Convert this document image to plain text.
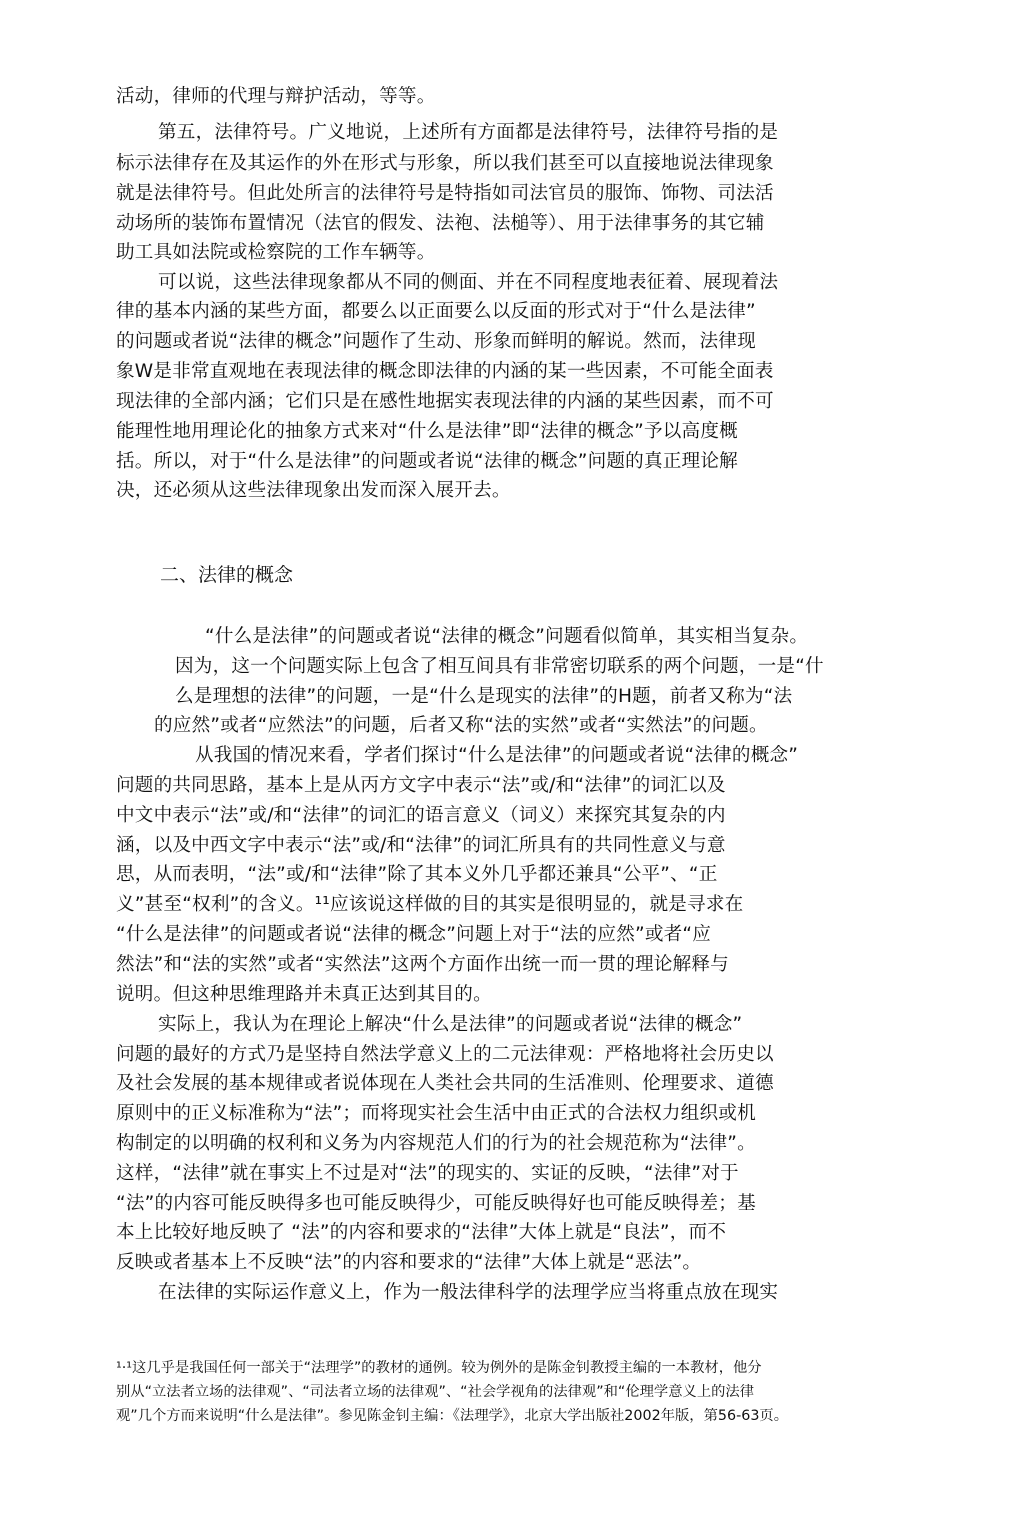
活动，律师的代理与辩护活动，等等。
第五，法律符号。广义地说，上述所有方面都是法律符号，法律符号指的是
标示法律存在及其运作的外在形式与形象，所以我们甚至可以直接地说法律现象
就是法律符号。但此处所言的法律符号是特指如司法官员的服饰、饰物、司法活
动场所的装饰布置情况（法官的假发、法袍、法槌等）、用于法律事务的其它辅
助工具如法院或检察院的工作车辆等。
可以说，这些法律现象都从不同的侧面、并在不同程度地表征着、展现着法
律的基本内涵的某些方面，都要么以正面要么以反面的形式对于“什么是法律”
的问题或者说“法律的概念”问题作了生动、形象而鲜明的解说。然而，法律现
象W是非常直观地在表现法律的概念即法律的内涵的某一些因素，不可能全面表
现法律的全部内涵；它们只是在感性地据实表现法律的内涵的某些因素，而不可
能理性地用理论化的抽象方式来对“什么是法律”即“法律的概念”予以高度概
括。所以，对于“什么是法律”的问题或者说“法律的概念”问题的真正理论解
决，还必须从这些法律现象出发而深入展开去。
二、法律的概念
“什么是法律”的问题或者说“法律的概念”问题看似简单，其实相当复杂。
因为，这一个问题实际上包含了相互间具有非常密切联系的两个问题，一是“什
么是理想的法律”的问题，一是“什么是现实的法律”的H题，前者又称为“法
的应然”或者“应然法”的问题，后者又称“法的实然”或者“实然法”的问题。
从我国的情况来看，学者们探讨“什么是法律”的问题或者说“法律的概念”
问题的共同思路，基本上是从丙方文字中表示“法”或/和“法律”的词汇以及
中文中表示“法”或/和“法律”的词汇的语言意义（词义）来探究其复杂的内
涵，以及中西文字中表示“法”或/和“法律”的词汇所具有的共同性意义与意
思，从而表明，“法”或/和“法律”除了其本义外几乎都还兼具“公平”、“正
义”甚至“权利”的含义。¹¹应该说这样做的目的其实是很明显的，就是寻求在
“什么是法律”的问题或者说“法律的概念”问题上对于“法的应然”或者“应
然法”和“法的实然”或者“实然法”这两个方面作出统一而一贯的理论解释与
说明。但这种思维理路并未真正达到其目的。
实际上，我认为在理论上解决“什么是法律”的问题或者说“法律的概念”
问题的最好的方式乃是坚持自然法学意义上的二元法律观：严格地将社会历史以
及社会发展的基本规律或者说体现在人类社会共同的生活准则、伦理要求、道德
原则中的正义标准称为“法”；而将现实社会生活中由正式的合法权力组织或机
构制定的以明确的权利和义务为内容规范人们的行为的社会规范称为“法律”。
这样，“法律”就在事实上不过是对“法”的现实的、实证的反映，“法律”对于
“法”的内容可能反映得多也可能反映得少，可能反映得好也可能反映得差；基
本上比较好地反映了 “法”的内容和要求的“法律”大体上就是“良法”，而不
反映或者基本上不反映“法”的内容和要求的“法律”大体上就是“恶法”。
在法律的实际运作意义上，作为一般法律科学的法理学应当将重点放在现实
¹·¹这几乎是我国任何一部关于“法理学”的教材的通例。较为例外的是陈金钊教授主编的一本教材，他分
别从“立法者立场的法律观”、“司法者立场的法律观”、“社会学视角的法律观”和“伦理学意义上的法律
观”几个方而来说明“什么是法律”。参见陈金钊主编：《法理学》，北京大学出版社2002年版，第56-63页。
